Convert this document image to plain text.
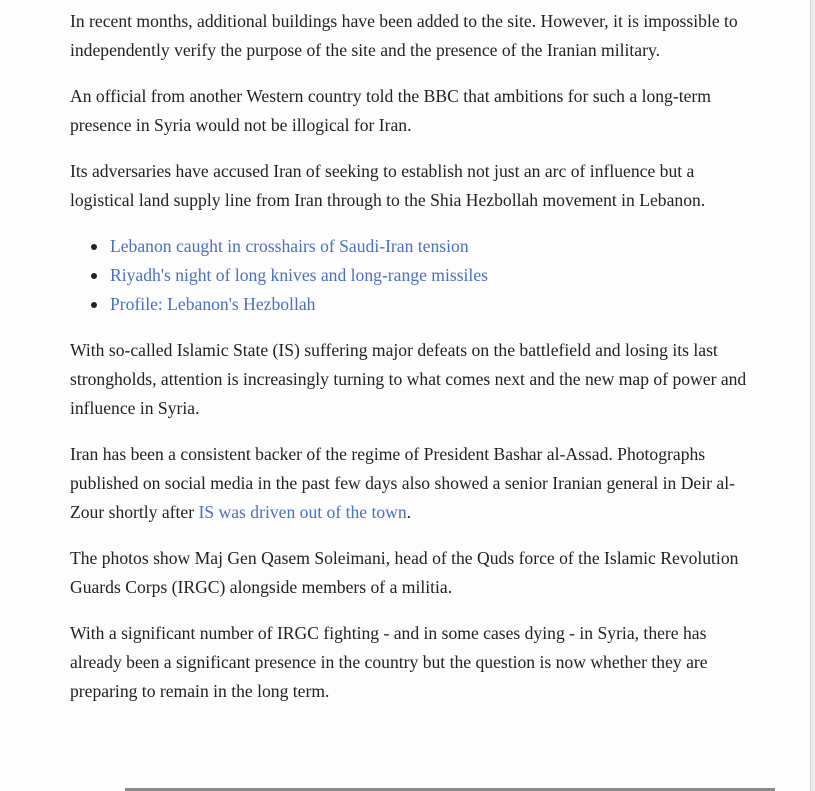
In recent months, additional buildings have been added to the site. However, it is impossible to independently verify the purpose of the site and the presence of the Iranian military.

An official from another Western country told the BBC that ambitions for such a long-term presence in Syria would not be illogical for Iran.

Its adversaries have accused Iran of seeking to establish not just an arc of influence but a logistical land supply line from Iran through to the Shia Hezbollah movement in Lebanon.

Lebanon caught in crosshairs of Saudi-Iran tension
Riyadh's night of long knives and long-range missiles
Profile: Lebanon's Hezbollah

With so-called Islamic State (IS) suffering major defeats on the battlefield and losing its last strongholds, attention is increasingly turning to what comes next and the new map of power and influence in Syria.

Iran has been a consistent backer of the regime of President Bashar al-Assad. Photographs published on social media in the past few days also showed a senior Iranian general in Deir al-Zour shortly after IS was driven out of the town.

The photos show Maj Gen Qasem Soleimani, head of the Quds force of the Islamic Revolution Guards Corps (IRGC) alongside members of a militia.

With a significant number of IRGC fighting - and in some cases dying - in Syria, there has already been a significant presence in the country but the question is now whether they are preparing to remain in the long term.
